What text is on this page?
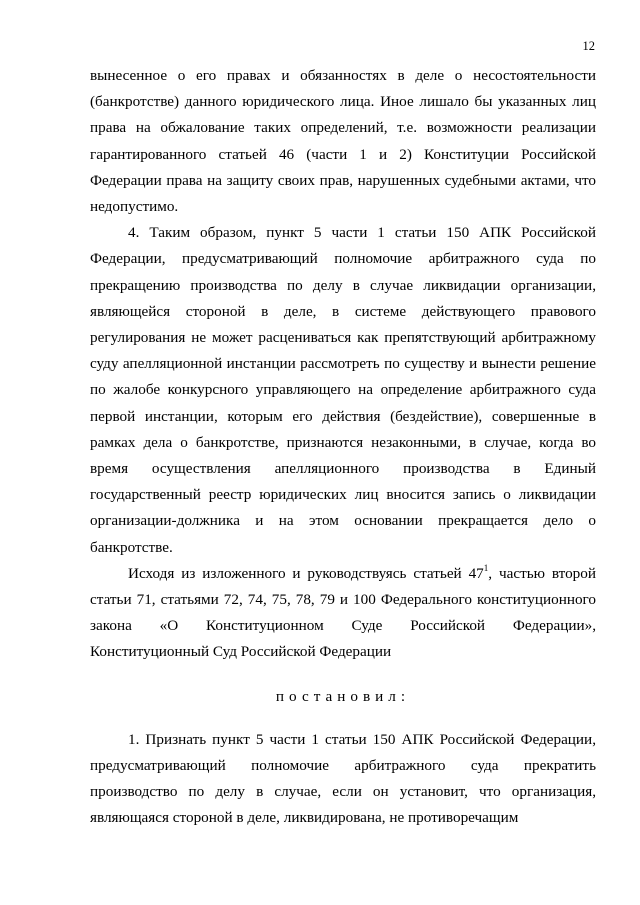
12

вынесенное о его правах и обязанностях в деле о несостоятельности (банкротстве) данного юридического лица. Иное лишало бы указанных лиц права на обжалование таких определений, т.е. возможности реализации гарантированного статьей 46 (части 1 и 2) Конституции Российской Федерации права на защиту своих прав, нарушенных судебными актами, что недопустимо.

4. Таким образом, пункт 5 части 1 статьи 150 АПК Российской Федерации, предусматривающий полномочие арбитражного суда по прекращению производства по делу в случае ликвидации организации, являющейся стороной в деле, в системе действующего правового регулирования не может расцениваться как препятствующий арбитражному суду апелляционной инстанции рассмотреть по существу и вынести решение по жалобе конкурсного управляющего на определение арбитражного суда первой инстанции, которым его действия (бездействие), совершенные в рамках дела о банкротстве, признаются незаконными, в случае, когда во время осуществления апелляционного производства в Единый государственный реестр юридических лиц вносится запись о ликвидации организации-должника и на этом основании прекращается дело о банкротстве.

Исходя из изложенного и руководствуясь статьей $47^1$, частью второй статьи 71, статьями 72, 74, 75, 78, 79 и 100 Федерального конституционного закона «О Конституционном Суде Российской Федерации», Конституционный Суд Российской Федерации

постановил:

1. Признать пункт 5 части 1 статьи 150 АПК Российской Федерации, предусматривающий полномочие арбитражного суда прекратить производство по делу в случае, если он установит, что организация, являющаяся стороной в деле, ликвидирована, не противоречащим
